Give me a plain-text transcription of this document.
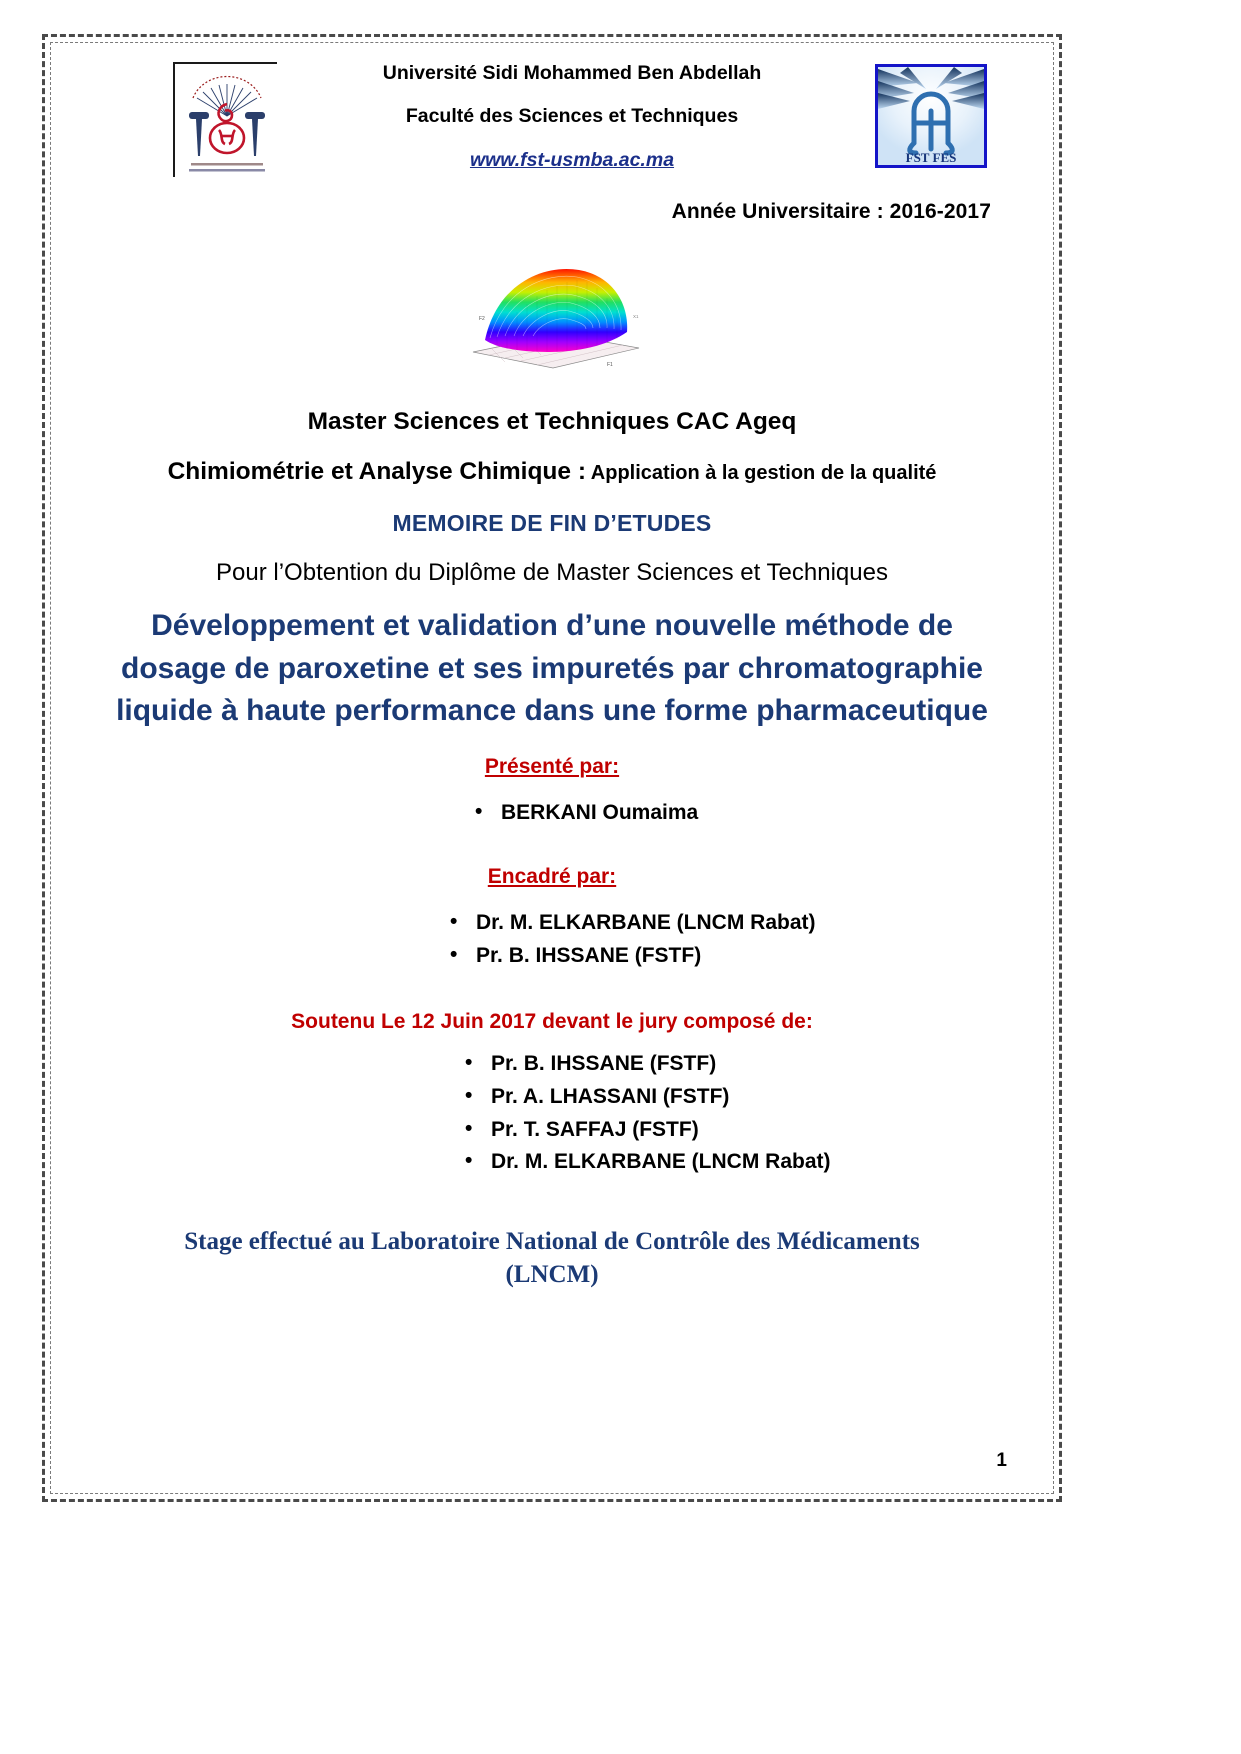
Université Sidi Mohammed Ben Abdellah
Faculté des Sciences et Techniques
www.fst-usmba.ac.ma	FST FES
Année Universitaire : 2016-2017
F2
F1
X1
Master Sciences et Techniques CAC Ageq
Chimiométrie et Analyse Chimique : Application à la gestion de la qualité
MEMOIRE DE FIN D’ETUDES
Pour l’Obtention du Diplôme de Master Sciences et Techniques
Développement et validation d’une nouvelle méthode de dosage de paroxetine et ses impuretés par chromatographie liquide à haute performance dans une forme pharmaceutique
Présenté par:
• BERKANI Oumaima
Encadré par:
• Dr. M. ELKARBANE (LNCM Rabat)
• Pr. B. IHSSANE (FSTF)
Soutenu Le 12 Juin 2017 devant le jury composé de:
• Pr. B. IHSSANE (FSTF)
• Pr. A. LHASSANI (FSTF)
• Pr. T. SAFFAJ (FSTF)
• Dr. M. ELKARBANE (LNCM Rabat)
Stage effectué au Laboratoire National de Contrôle des Médicaments
(LNCM)
1
